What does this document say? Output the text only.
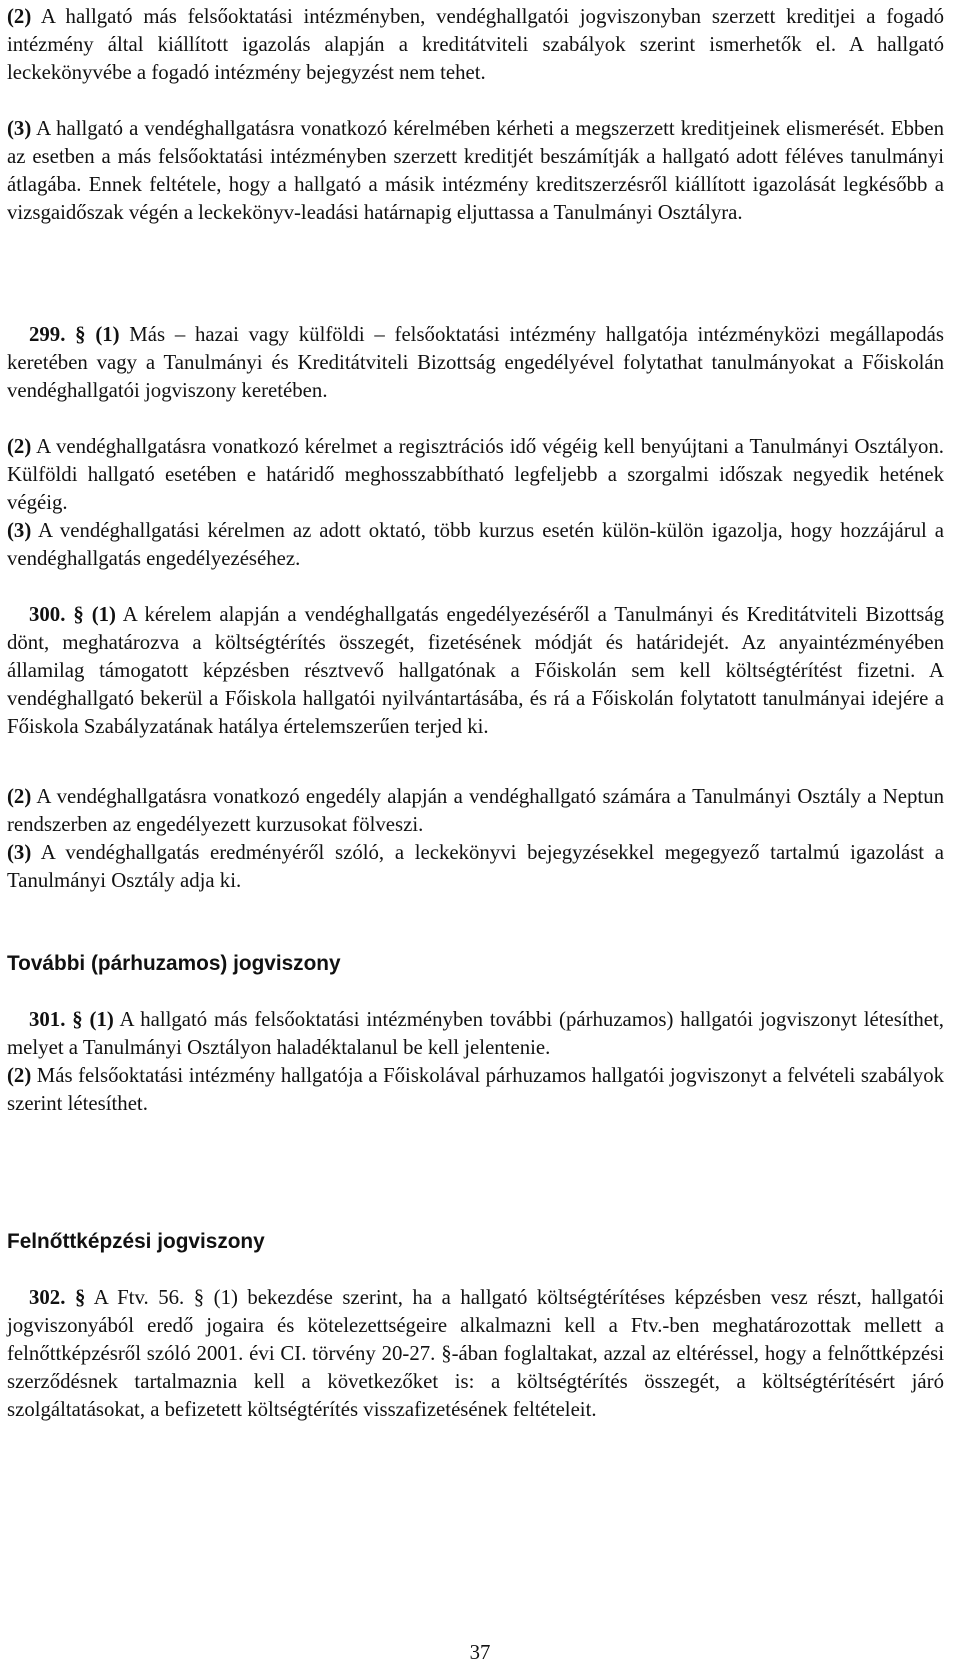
(2) A hallgató más felsőoktatási intézményben, vendéghallgatói jogviszonyban szerzett kreditjei a fogadó intézmény által kiállított igazolás alapján a kreditátviteli szabályok szerint ismerhetők el. A hallgató leckekönyvébe a fogadó intézmény bejegyzést nem tehet.

(3) A hallgató a vendéghallgatásra vonatkozó kérelmében kérheti a megszerzett kreditjeinek elismerését. Ebben az esetben a más felsőoktatási intézményben szerzett kreditjét beszámítják a hallgató adott féléves tanulmányi átlagába. Ennek feltétele, hogy a hallgató a másik intézmény kreditszerzésről kiállított igazolását legkésőbb a vizsgaidőszak végén a leckekönyv-leadási határnapig eljuttassa a Tanulmányi Osztályra.

299. § (1) Más – hazai vagy külföldi – felsőoktatási intézmény hallgatója intézményközi megállapodás keretében vagy a Tanulmányi és Kreditátviteli Bizottság engedélyével folytathat tanulmányokat a Főiskolán vendéghallgatói jogviszony keretében.

(2) A vendéghallgatásra vonatkozó kérelmet a regisztrációs idő végéig kell benyújtani a Tanulmányi Osztályon. Külföldi hallgató esetében e határidő meghosszabbítható legfeljebb a szorgalmi időszak negyedik hetének végéig.

(3) A vendéghallgatási kérelmen az adott oktató, több kurzus esetén külön-külön igazolja, hogy hozzájárul a vendéghallgatás engedélyezéséhez.

300. § (1) A kérelem alapján a vendéghallgatás engedélyezéséről a Tanulmányi és Kreditátviteli Bizottság dönt, meghatározva a költségtérítés összegét, fizetésének módját és határidejét. Az anyaintézményében államilag támogatott képzésben résztvevő hallgatónak a Főiskolán sem kell költségtérítést fizetni. A vendéghallgató bekerül a Főiskola hallgatói nyilvántartásába, és rá a Főiskolán folytatott tanulmányai idejére a Főiskola Szabályzatának hatálya értelemszerűen terjed ki.

(2) A vendéghallgatásra vonatkozó engedély alapján a vendéghallgató számára a Tanulmányi Osztály a Neptun rendszerben az engedélyezett kurzusokat fölveszi.

(3) A vendéghallgatás eredményéről szóló, a leckekönyvi bejegyzésekkel megegyező tartalmú igazolást a Tanulmányi Osztály adja ki.

További (párhuzamos) jogviszony

301. § (1) A hallgató más felsőoktatási intézményben további (párhuzamos) hallgatói jogviszonyt létesíthet, melyet a Tanulmányi Osztályon haladéktalanul be kell jelentenie.

(2) Más felsőoktatási intézmény hallgatója a Főiskolával párhuzamos hallgatói jogviszonyt a felvételi szabályok szerint létesíthet.

Felnőttképzési jogviszony

302. § A Ftv. 56. § (1) bekezdése szerint, ha a hallgató költségtérítéses képzésben vesz részt, hallgatói jogviszonyából eredő jogaira és kötelezettségeire alkalmazni kell a Ftv.-ben meghatározottak mellett a felnőttképzésről szóló 2001. évi CI. törvény 20-27. §-ában foglaltakat, azzal az eltéréssel, hogy a felnőttképzési szerződésnek tartalmaznia kell a következőket is: a költségtérítés összegét, a költségtérítésért járó szolgáltatásokat, a befizetett költségtérítés visszafizetésének feltételeit.

37
